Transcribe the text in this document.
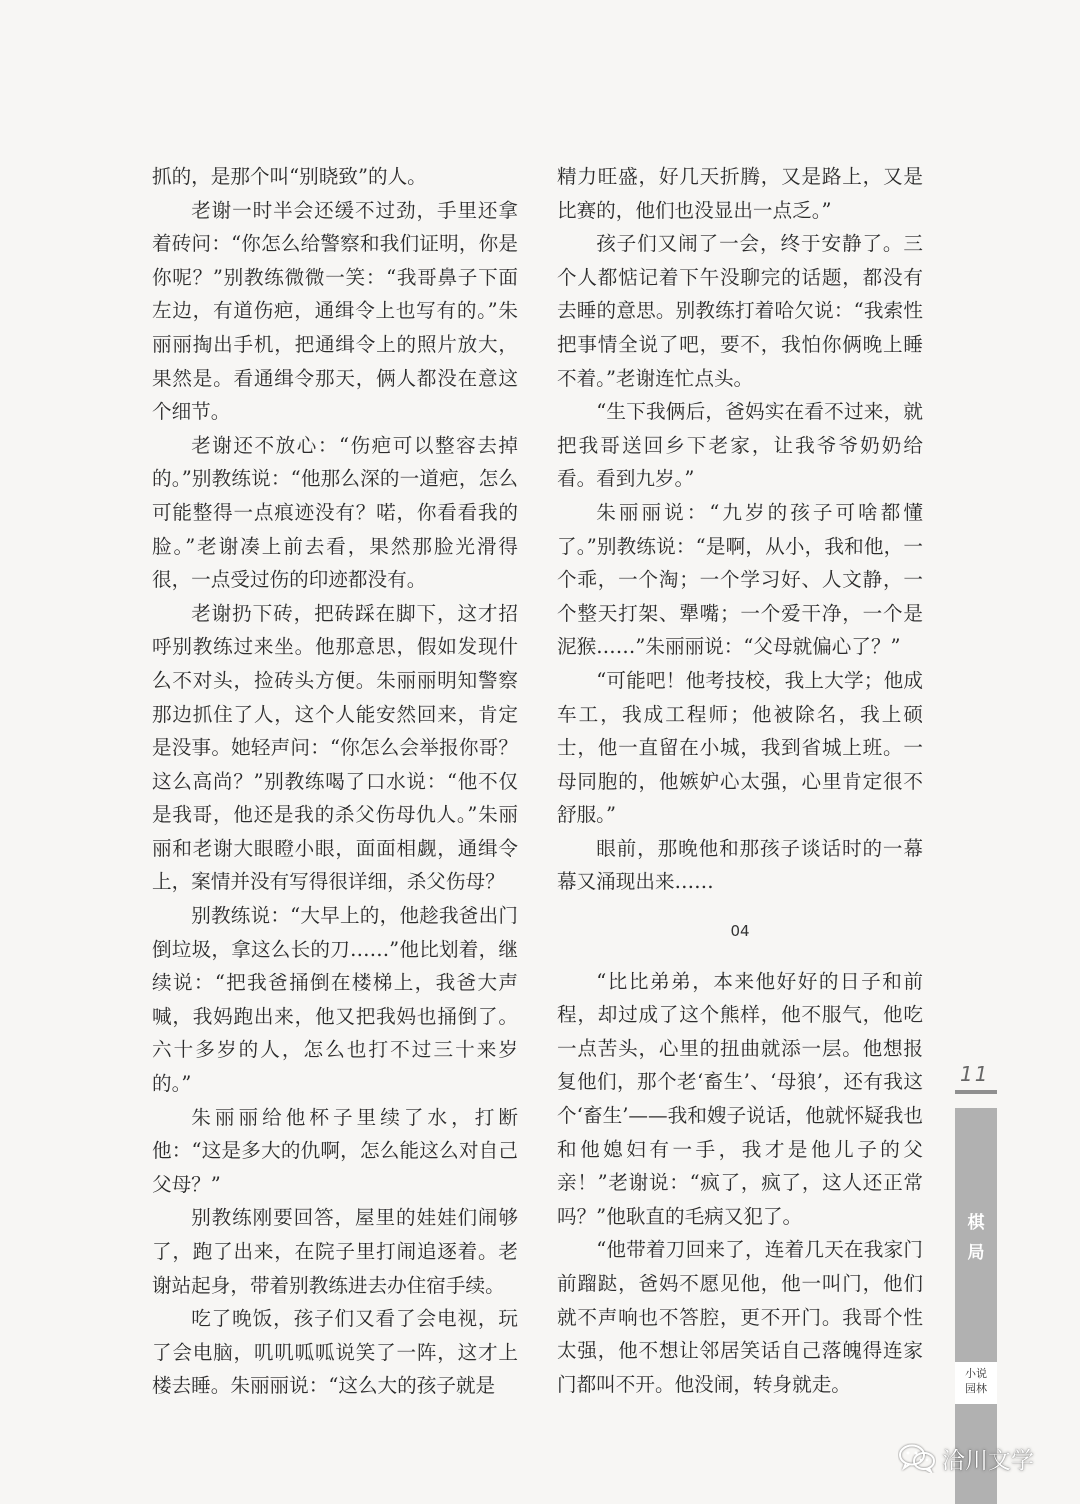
抓的，是那个叫“别晓致”的人。

老谢一时半会还缓不过劲，手里还拿着砖问：“你怎么给警察和我们证明，你是你呢？”别教练微微一笑：“我哥鼻子下面左边，有道伤疤，通缉令上也写有的。”朱丽丽掏出手机，把通缉令上的照片放大，果然是。看通缉令那天，俩人都没在意这个细节。

老谢还不放心：“伤疤可以整容去掉的。”别教练说：“他那么深的一道疤，怎么可能整得一点痕迹没有？喏，你看看我的脸。”老谢凑上前去看，果然那脸光滑得很，一点受过伤的印迹都没有。

老谢扔下砖，把砖踩在脚下，这才招呼别教练过来坐。他那意思，假如发现什么不对头，捡砖头方便。朱丽丽明知警察那边抓住了人，这个人能安然回来，肯定是没事。她轻声问：“你怎么会举报你哥？这么高尚？”别教练喝了口水说：“他不仅是我哥，他还是我的杀父伤母仇人。”朱丽丽和老谢大眼瞪小眼，面面相觑，通缉令上，案情并没有写得很详细，杀父伤母？

别教练说：“大早上的，他趁我爸出门倒垃圾，拿这么长的刀……”他比划着，继续说：“把我爸捅倒在楼梯上，我爸大声喊，我妈跑出来，他又把我妈也捅倒了。六十多岁的人，怎么也打不过三十来岁的。”

朱丽丽给他杯子里续了水，打断他：“这是多大的仇啊，怎么能这么对自己父母？”

别教练刚要回答，屋里的娃娃们闹够了，跑了出来，在院子里打闹追逐着。老谢站起身，带着别教练进去办住宿手续。

吃了晚饭，孩子们又看了会电视，玩了会电脑，叽叽呱呱说笑了一阵，这才上楼去睡。朱丽丽说：“这么大的孩子就是

精力旺盛，好几天折腾，又是路上，又是比赛的，他们也没显出一点乏。”

孩子们又闹了一会，终于安静了。三个人都惦记着下午没聊完的话题，都没有去睡的意思。别教练打着哈欠说：“我索性把事情全说了吧，要不，我怕你俩晚上睡不着。”老谢连忙点头。

“生下我俩后，爸妈实在看不过来，就把我哥送回乡下老家，让我爷爷奶奶给看。看到九岁。”

朱丽丽说：“九岁的孩子可啥都懂了。”别教练说：“是啊，从小，我和他，一个乖，一个淘；一个学习好、人文静，一个整天打架、犟嘴；一个爱干净，一个是泥猴……”朱丽丽说：“父母就偏心了？”

“可能吧！他考技校，我上大学；他成车工，我成工程师；他被除名，我上硕士，他一直留在小城，我到省城上班。一母同胞的，他嫉妒心太强，心里肯定很不舒服。”

眼前，那晚他和那孩子谈话时的一幕幕又涌现出来……

04

“比比弟弟，本来他好好的日子和前程，却过成了这个熊样，他不服气，他吃一点苦头，心里的扭曲就添一层。他想报复他们，那个老‘畜生’、‘母狼’，还有我这个‘畜生’——我和嫂子说话，他就怀疑我也和他媳妇有一手，我才是他儿子的父亲！”老谢说：“疯了，疯了，这人还正常吗？”他耿直的毛病又犯了。

“他带着刀回来了，连着几天在我家门前蹓跶，爸妈不愿见他，他一叫门，他们就不声响也不答腔，更不开门。我哥个性太强，他不想让邻居笑话自己落魄得连家门都叫不开。他没闹，转身就走。

11
棋
局
小说
园林
洽川文学
